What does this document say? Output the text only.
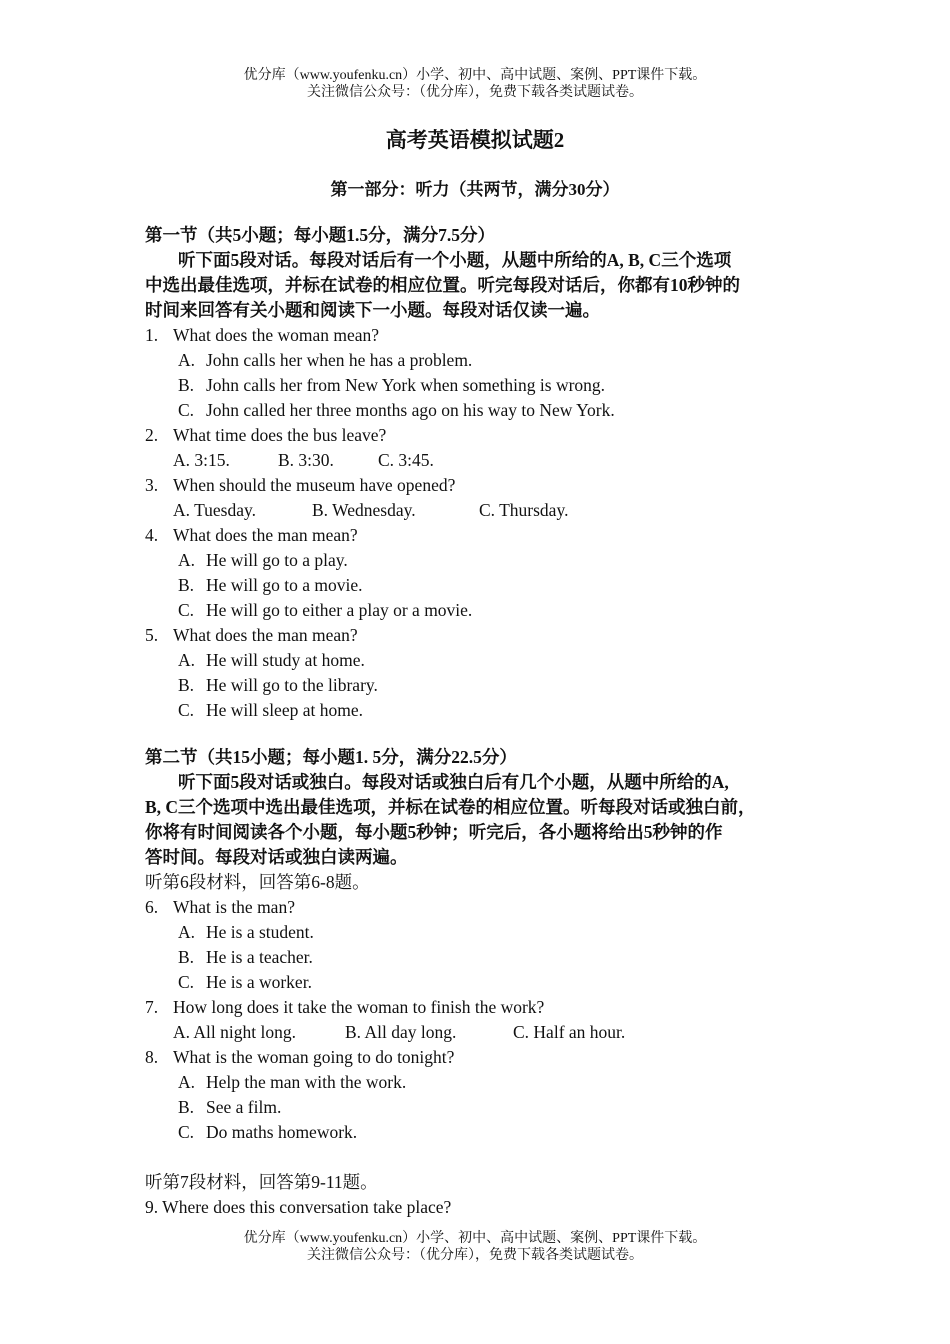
优分库（www.youfenku.cn）小学、初中、高中试题、案例、PPT课件下载。
关注微信公众号：（优分库），免费下载各类试题试卷。
高考英语模拟试题2
第一部分：听力（共两节，满分30分）
第一节（共5小题；每小题1.5分，满分7.5分）
听下面5段对话。每段对话后有一个小题，从题中所给的A, B, C三个选项
中选出最佳选项，并标在试卷的相应位置。听完每段对话后，你都有10秒钟的
时间来回答有关小题和阅读下一小题。每段对话仅读一遍。
1. What does the woman mean?
A. John calls her when he has a problem.
B. John calls her from New York when something is wrong.
C. John called her three months ago on his way to New York.
2. What time does the bus leave?
A. 3:15.	B. 3:30.	C. 3:45.
3. When should the museum have opened?
A. Tuesday.	B. Wednesday.	C. Thursday.
4. What does the man mean?
A. He will go to a play.
B. He will go to a movie.
C. He will go to either a play or a movie.
5. What does the man mean?
A. He will study at home.
B. He will go to the library.
C. He will sleep at home.
第二节（共15小题；每小题1. 5分，满分22.5分）
听下面5段对话或独白。每段对话或独白后有几个小题，从题中所给的A,
B, C三个选项中选出最佳选项，并标在试卷的相应位置。听每段对话或独白前，
你将有时间阅读各个小题，每小题5秒钟；听完后，各小题将给出5秒钟的作
答时间。每段对话或独白读两遍。
听第6段材料，回答第6-8题。
6. What is the man?
A. He is a student.
B. He is a teacher.
C. He is a worker.
7. How long does it take the woman to finish the work?
A. All night long.	B. All day long.	C. Half an hour.
8. What is the woman going to do tonight?
A. Help the man with the work.
B. See a film.
C. Do maths homework.
听第7段材料，回答第9-11题。
9. Where does this conversation take place?
优分库（www.youfenku.cn）小学、初中、高中试题、案例、PPT课件下载。
关注微信公众号：（优分库），免费下载各类试题试卷。
